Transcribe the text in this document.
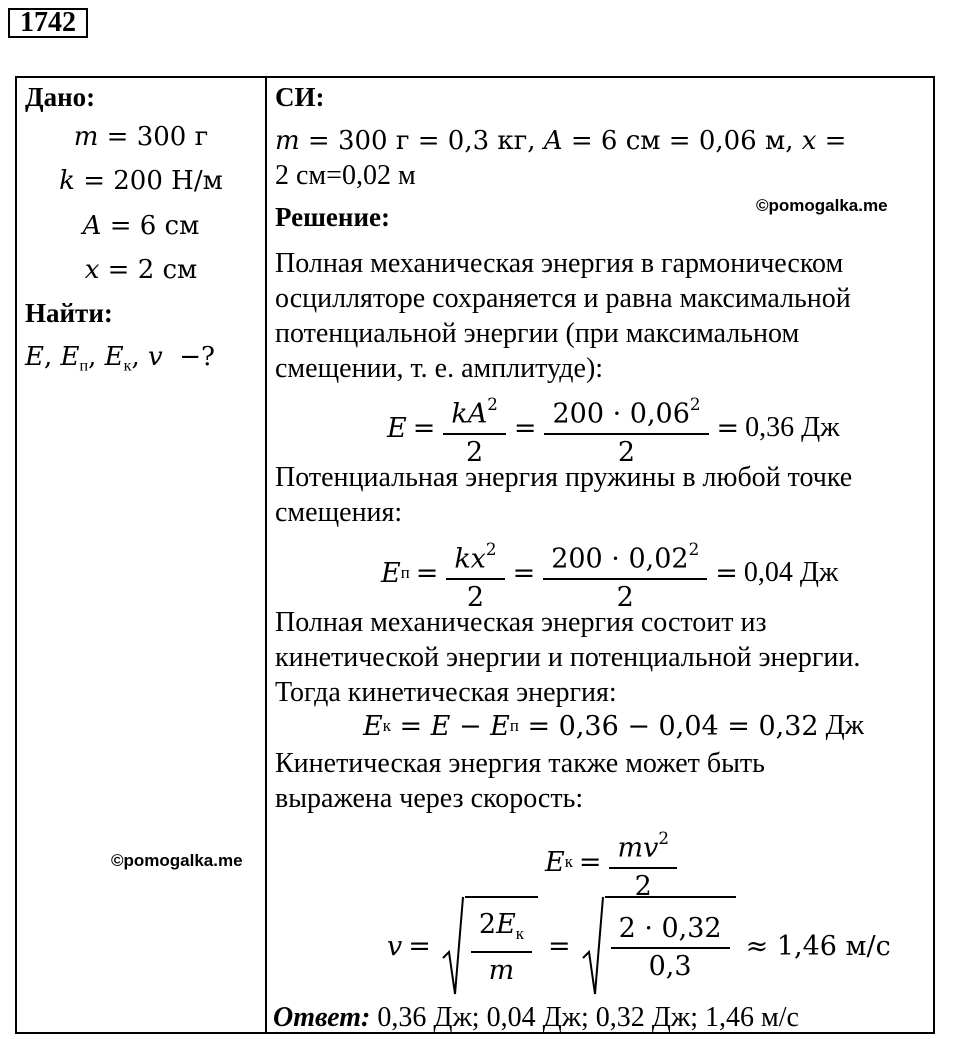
1742
Дано:
m = 300 г
k = 200 Н/м
A = 6 см
x = 2 см
Найти:
E, $E_п$, $E_к$, v  −?
©pomogalka.me
СИ:
m = 300 г = 0,3 кг, A = 6 см = 0,06 м, x =
2 см=0,02 м
©pomogalka.me
Решение:
Полная механическая энергия в гармоническом
осцилляторе сохраняется и равна максимальной
потенциальной энергии (при максимальном
смещении, т. е. амплитуде):
$E = \frac{kA^2}{2} = \frac{200 \cdot 0,06^2}{2} = 0,36$ Дж
Потенциальная энергия пружины в любой точке
смещения:
E $п = \frac{kx^2}{2} = \frac{200 \cdot 0,02^2}{2} = 0,04$ Дж
Полная механическая энергия состоит из
кинетической энергии и потенциальной энергии.
Тогда кинетическая энергия:
E к = E − E п = 0,36 − 0,04 = 0,32 Дж
Кинетическая энергия также может быть
выражена через скорость:
E $к = \frac{mv^2}{2}$
$v = \frac{2E_к}{m} = \frac{2 \cdot 0,32}{0,3} \approx 1,46$ м/с
Ответ: 0,36 Дж; 0,04 Дж; 0,32 Дж; 1,46 м/с
